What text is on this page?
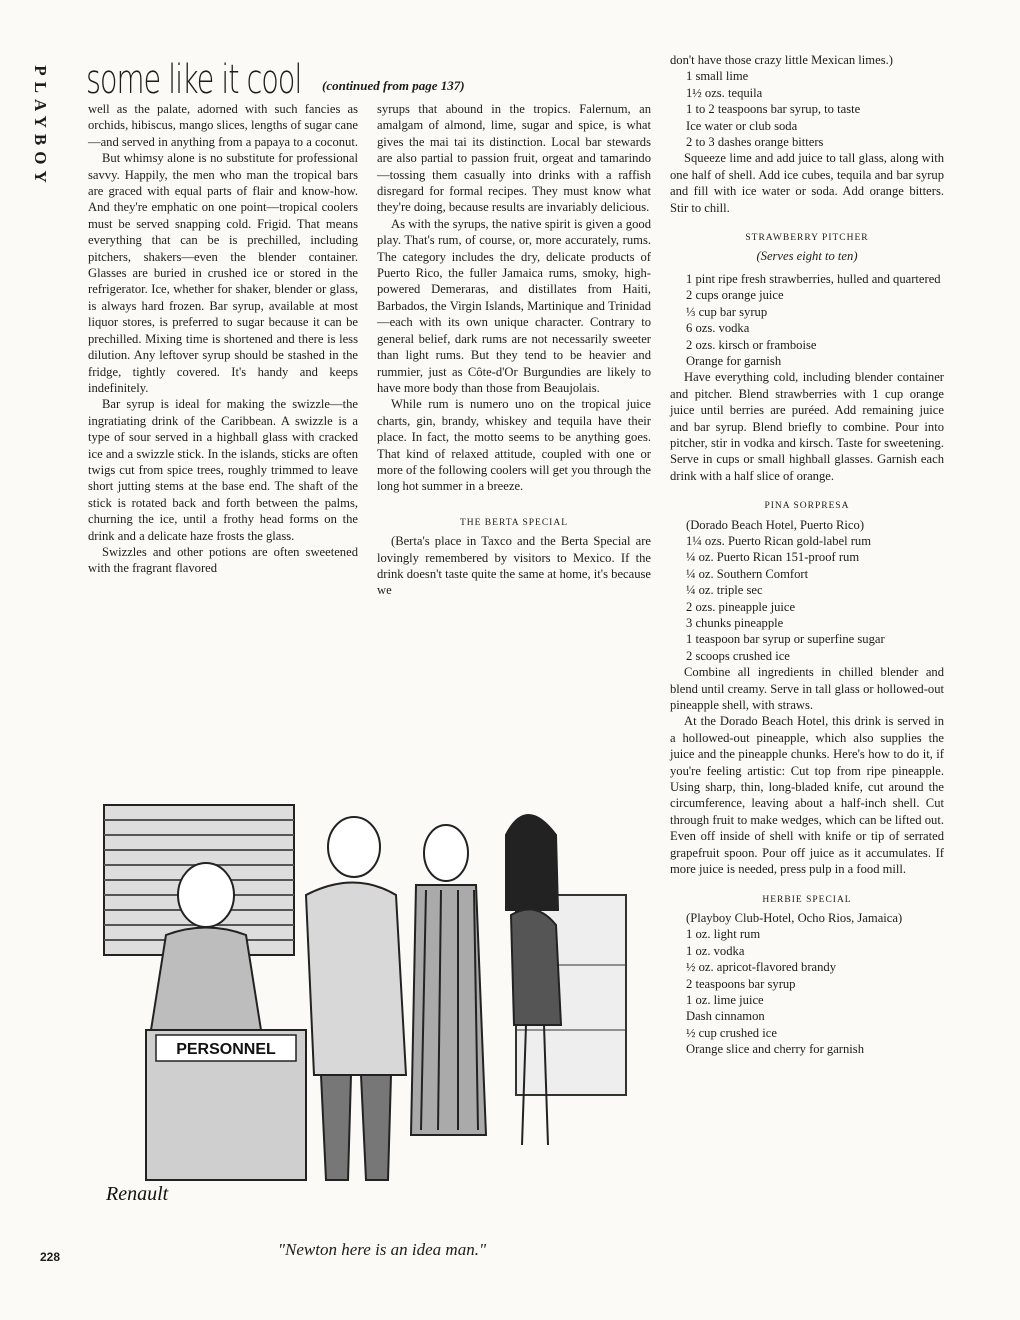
PLAYBOY some like it cool (continued from page 137)

well as the palate, adorned with such fancies as orchids, hibiscus, mango slices, lengths of sugar cane—and served in anything from a papaya to a coconut.

But whimsy alone is no substitute for professional savvy. Happily, the men who man the tropical bars are graced with equal parts of flair and know-how. And they're emphatic on one point—tropical coolers must be served snapping cold. Frigid. That means everything that can be is prechilled, including pitchers, shakers—even the blender container. Glasses are buried in crushed ice or stored in the refrigerator. Ice, whether for shaker, blender or glass, is always hard frozen. Bar syrup, available at most liquor stores, is preferred to sugar because it can be prechilled. Mixing time is shortened and there is less dilution. Any leftover syrup should be stashed in the fridge, tightly covered. It's handy and keeps indefinitely.

Bar syrup is ideal for making the swizzle—the ingratiating drink of the Caribbean. A swizzle is a type of sour served in a highball glass with cracked ice and a swizzle stick. In the islands, sticks are often twigs cut from spice trees, roughly trimmed to leave short jutting stems at the base end. The shaft of the stick is rotated back and forth between the palms, churning the ice, until a frothy head forms on the drink and a delicate haze frosts the glass.

Swizzles and other potions are often sweetened with the fragrant flavored

syrups that abound in the tropics. Falernum, an amalgam of almond, lime, sugar and spice, is what gives the mai tai its distinction. Local bar stewards are also partial to passion fruit, orgeat and tamarindo—tossing them casually into drinks with a raffish disregard for formal recipes. They must know what they're doing, because results are invariably delicious.

As with the syrups, the native spirit is given a good play. That's rum, of course, or, more accurately, rums. The category includes the dry, delicate products of Puerto Rico, the fuller Jamaica rums, smoky, high-powered Demeraras, and distillates from Haiti, Barbados, the Virgin Islands, Martinique and Trinidad—each with its own unique character. Contrary to general belief, dark rums are not necessarily sweeter than light rums. But they tend to be heavier and rummier, just as Côte-d'Or Burgundies are likely to have more body than those from Beaujolais.

While rum is numero uno on the tropical juice charts, gin, brandy, whiskey and tequila have their place. In fact, the motto seems to be anything goes. That kind of relaxed attitude, coupled with one or more of the following coolers will get you through the long hot summer in a breeze.

THE BERTA SPECIAL

(Berta's place in Taxco and the Berta Special are lovingly remembered by visitors to Mexico. If the drink doesn't taste quite the same at home, it's because we

don't have those crazy little Mexican limes.)

1 small lime
1½ ozs. tequila
1 to 2 teaspoons bar syrup, to taste
Ice water or club soda
2 to 3 dashes orange bitters

Squeeze lime and add juice to tall glass, along with one half of shell. Add ice cubes, tequila and bar syrup and fill with ice water or soda. Add orange bitters. Stir to chill.

STRAWBERRY PITCHER
(Serves eight to ten)
1 pint ripe fresh strawberries, hulled and quartered
2 cups orange juice
⅓ cup bar syrup
6 ozs. vodka
2 ozs. kirsch or framboise
Orange for garnish

Have everything cold, including blender container and pitcher. Blend strawberries with 1 cup orange juice until berries are puréed. Add remaining juice and bar syrup. Blend briefly to combine. Pour into pitcher, stir in vodka and kirsch. Taste for sweetening. Serve in cups or small highball glasses. Garnish each drink with a half slice of orange.

PINA SORPRESA
(Dorado Beach Hotel, Puerto Rico)
1¼ ozs. Puerto Rican gold-label rum
¼ oz. Puerto Rican 151-proof rum
¼ oz. Southern Comfort
¼ oz. triple sec
2 ozs. pineapple juice
3 chunks pineapple
1 teaspoon bar syrup or superfine sugar
2 scoops crushed ice

Combine all ingredients in chilled blender and blend until creamy. Serve in tall glass or hollowed-out pineapple shell, with straws.

At the Dorado Beach Hotel, this drink is served in a hollowed-out pineapple, which also supplies the juice and the pineapple chunks. Here's how to do it, if you're feeling artistic: Cut top from ripe pineapple. Using sharp, thin, long-bladed knife, cut around the circumference, leaving about a half-inch shell. Cut through fruit to make wedges, which can be lifted out. Even off inside of shell with knife or tip of serrated grapefruit spoon. Pour off juice as it accumulates. If more juice is needed, press pulp in a food mill.

HERBIE SPECIAL
(Playboy Club-Hotel, Ocho Rios, Jamaica)
1 oz. light rum
1 oz. vodka
½ oz. apricot-flavored brandy
2 teaspoons bar syrup
1 oz. lime juice
Dash cinnamon
½ cup crushed ice
Orange slice and cherry for garnish
PERSONNEL
Renault
"Newton here is an idea man."
228
